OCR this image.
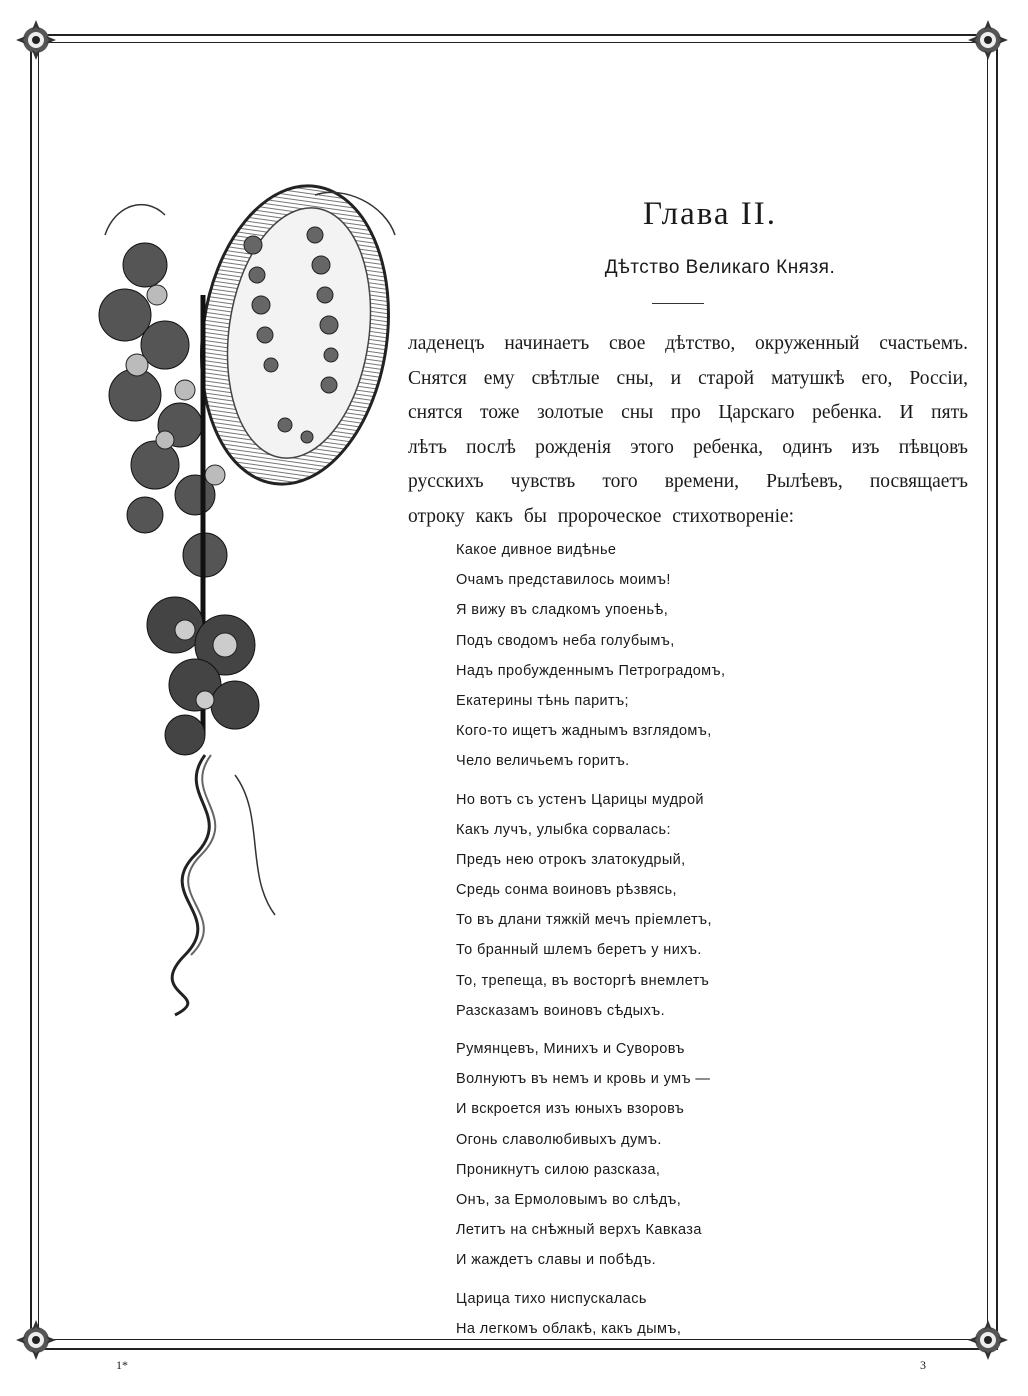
Глава II.
Дѣтство Великаго Князя.
ладенецъ начинаетъ свое дѣтство, окруженный счастьемъ.
Снятся ему свѣтлые сны, и старой матушкѣ его, Россіи,
снятся тоже золотые сны про Царскаго ребенка. И пять
лѣтъ послѣ рожденія этого ребенка, одинъ изъ пѣвцовъ
русскихъ чувствъ того времени, Рылѣевъ, посвящаетъ
отроку какъ бы пророческое стихотвореніе:
Какое дивное видѣнье
Очамъ представилось моимъ!
Я вижу въ сладкомъ упоеньѣ,
Подъ сводомъ неба голубымъ,
Надъ пробужденнымъ Петроградомъ,
Екатерины тѣнь паритъ;
Кого-то ищетъ жаднымъ взглядомъ,
Чело величьемъ горитъ.
Но вотъ съ устенъ Царицы мудрой
Какъ лучъ, улыбка сорвалась:
Предъ нею отрокъ златокудрый,
Средь сонма воиновъ рѣзвясь,
То въ длани тяжкій мечъ пріемлетъ,
То бранный шлемъ беретъ у нихъ.
То, трепеща, въ восторгѣ внемлетъ
Разсказамъ воиновъ сѣдыхъ.
Румянцевъ, Минихъ и Суворовъ
Волнуютъ въ немъ и кровь и умъ —
И вскроется изъ юныхъ взоровъ
Огонь славолюбивыхъ думъ.
Проникнутъ силою разсказа,
Онъ, за Ермоловымъ во слѣдъ,
Летитъ на снѣжный верхъ Кавказа
И жаждетъ славы и побѣдъ.
Царица тихо ниспускалась
На легкомъ облакѣ, какъ дымъ,
1*	3
